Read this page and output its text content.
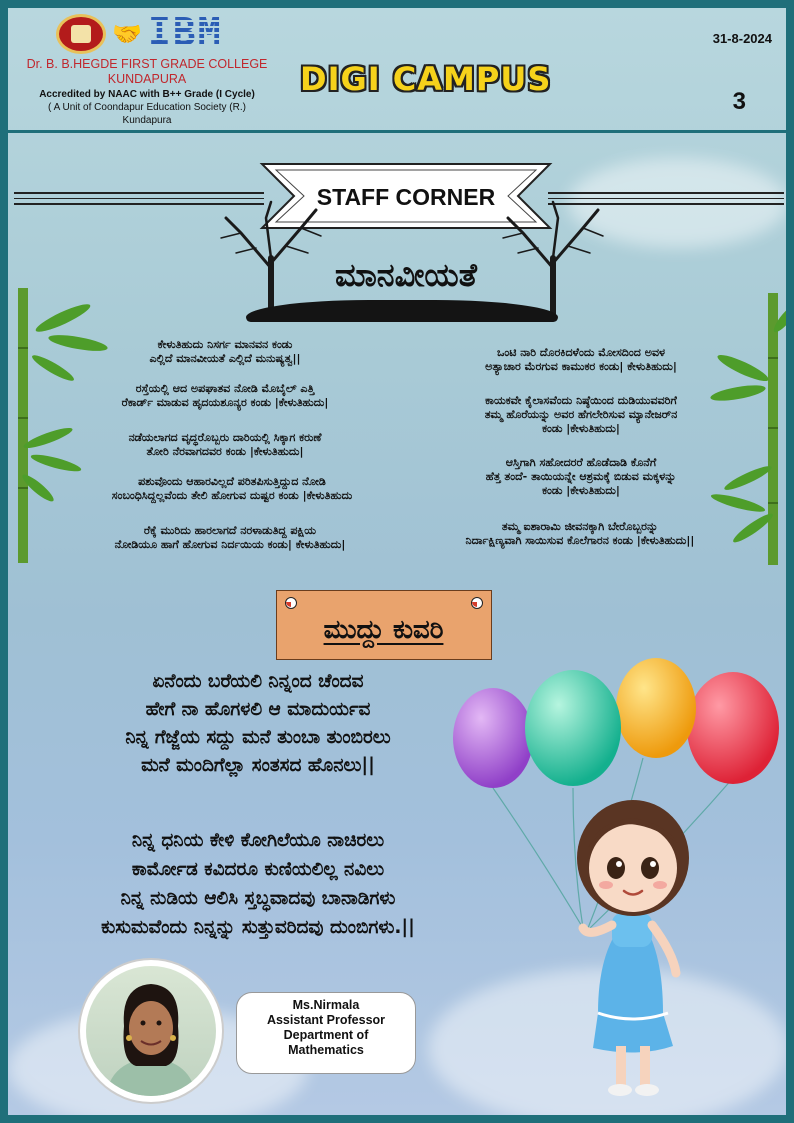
🤝 IBM
Dr. B. B.HEGDE FIRST GRADE COLLEGE
KUNDAPURA
Accredited by NAAC with B++ Grade (I Cycle)
( A Unit of Coondapur Education Society (R.)
Kundapura
DIGI CAMPUS
31-8-2024
3
STAFF CORNER
ಮಾನವೀಯತೆ
ಕೇಳುತಿಹುದು ನಿಸರ್ಗ ಮಾನವನ ಕಂಡು
ಎಲ್ಲಿದೆ ಮಾನವೀಯತೆ ಎಲ್ಲಿದೆ ಮನುಷ್ಯತ್ವ||
ರಸ್ತೆಯಲ್ಲಿ ಆದ ಅಪಘಾತವ ನೋಡಿ ಮೊಬೈಲ್ ಎತ್ತಿ
ರೆಕಾರ್ಡ್ ಮಾಡುವ ಹೃದಯಶೂನ್ಯರ ಕಂಡು |ಕೇಳುತಿಹುದು|
ನಡೆಯಲಾಗದ ವೃದ್ಧರೊಬ್ಬರು ದಾರಿಯಲ್ಲಿ ಸಿಕ್ಕಾಗ ಕರುಣೆ
ತೋರಿ ನೆರವಾಗದವರ ಕಂಡು |ಕೇಳುತಿಹುದು|
ಪಶುವೊಂದು ಆಹಾರವಿಲ್ಲದೆ ಪರಿತಪಿಸುತ್ತಿದ್ದುದ ನೋಡಿ
ಸಂಬಂಧಿಸಿದ್ದಲ್ಲವೆಂದು ತೇಲಿ ಹೋಗುವ ದುಷ್ಟರ ಕಂಡು |ಕೇಳುತಿಹುದು
ರೆಕ್ಕೆ ಮುರಿದು ಹಾರಲಾಗದೆ ನರಳಾಡುತಿದ್ದ ಪಕ್ಷಿಯ
ನೋಡಿಯೂ ಹಾಗೆ ಹೋಗುವ ನಿರ್ದಯಿಯ ಕಂಡು| ಕೇಳುತಿಹುದು|
ಒಂಟಿ ನಾರಿ ದೊರಕಿದಳೆಂದು ಮೋಸದಿಂದ ಅವಳ
ಅತ್ಯಾಚಾರ ಮೆರಗುವ ಕಾಮುಕರ ಕಂಡು| ಕೇಳುತಿಹುದು|
ಕಾಯಕವೇ ಕೈಲಾಸವೆಂದು ನಿಷ್ಠೆಯಿಂದ ದುಡಿಯುವವರಿಗೆ
ತಮ್ಮ ಹೊರೆಯನ್ನು ಅವರ ಹೆಗಲೇರಿಸುವ ಮ್ಯಾನೇಜರ್‌ನ
ಕಂಡು |ಕೇಳುತಿಹುದು|
ಆಸ್ತಿಗಾಗಿ ಸಹೋದರರೆ ಹೊಡೆದಾಡಿ ಕೊನೆಗೆ
ಹೆತ್ತ ತಂದೆ- ತಾಯಿಯನ್ನೇ ಆಶ್ರಮಕ್ಕೆ ಬಿಡುವ ಮಕ್ಕಳನ್ನು
ಕಂಡು |ಕೇಳುತಿಹುದು|
ತಮ್ಮ ಐಶಾರಾಮಿ ಜೀವನಕ್ಕಾಗಿ ಬೇರೊಬ್ಬರನ್ನು
ನಿರ್ದಾಕ್ಷಿಣ್ಯವಾಗಿ ಸಾಯಿಸುವ ಕೊಲೆಗಾರನ ಕಂಡು |ಕೇಳುತಿಹುದು||
ಮುದ್ದು ಕುವರಿ
ಏನೆಂದು ಬರೆಯಲಿ ನಿನ್ನಂದ ಚೆಂದವ
ಹೇಗೆ ನಾ ಹೊಗಳಲಿ ಆ ಮಾದುರ್ಯವ
ನಿನ್ನ ಗೆಜ್ಜೆಯ ಸದ್ದು ಮನೆ ತುಂಬಾ ತುಂಬಿರಲು
ಮನೆ ಮಂದಿಗೆಲ್ಲಾ ಸಂತಸದ ಹೊನಲು||
ನಿನ್ನ ಧನಿಯ ಕೇಳಿ ಕೋಗಿಲೆಯೂ ನಾಚಿರಲು
ಕಾರ್ಮೋಡ ಕವಿದರೂ ಕುಣಿಯಲಿಲ್ಲ ನವಿಲು
ನಿನ್ನ ನುಡಿಯ ಆಲಿಸಿ ಸ್ತಬ್ಧವಾದವು ಬಾನಾಡಿಗಳು
ಕುಸುಮವೆಂದು ನಿನ್ನನ್ನು ಸುತ್ತುವರಿದವು ದುಂಬಿಗಳು.||
Ms.Nirmala
Assistant Professor
Department of
Mathematics
